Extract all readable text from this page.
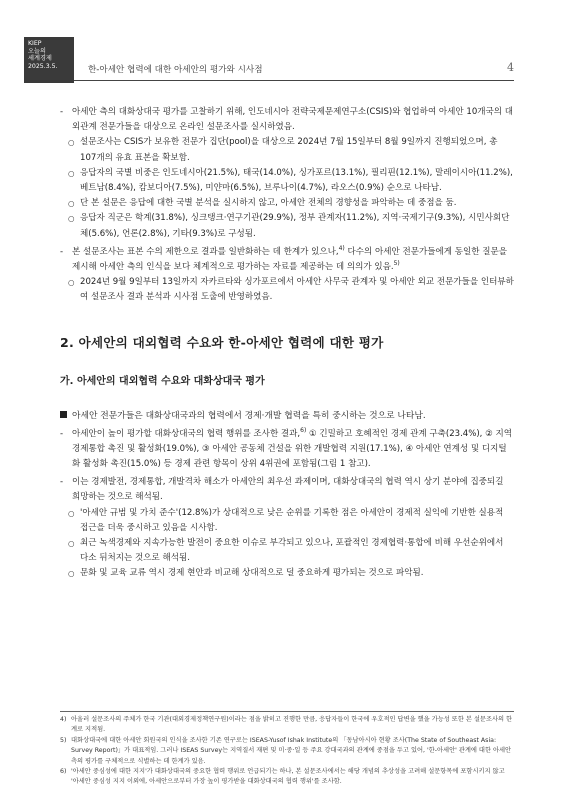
KIEP
오늘의
세계경제
2025.3.5.	한-아세안 협력에 대한 아세안의 평가와 시사점	4
- 아세안 측의 대화상대국 평가를 고찰하기 위해, 인도네시아 전략국제문제연구소(CSIS)와 협업하여 아세안 10개국의 대외관계 전문가들을 대상으로 온라인 설문조사를 실시하였음.
○ 설문조사는 CSIS가 보유한 전문가 집단(pool)을 대상으로 2024년 7월 15일부터 8월 9일까지 진행되었으며, 총 107개의 유효 표본을 확보함.
○ 응답자의 국별 비중은 인도네시아(21.5%), 태국(14.0%), 싱가포르(13.1%), 필리핀(12.1%), 말레이시아(11.2%), 베트남(8.4%), 캄보디아(7.5%), 미얀마(6.5%), 브루나이(4.7%), 라오스(0.9%) 순으로 나타남.
○ 단 본 설문은 응답에 대한 국별 분석을 실시하지 않고, 아세안 전체의 경향성을 파악하는 데 중점을 둠.
○ 응답자 직군은 학계(31.8%), 싱크탱크·연구기관(29.9%), 정부 관계자(11.2%), 지역·국제기구(9.3%), 시민사회단체(5.6%), 언론(2.8%), 기타(9.3%)로 구성됨.
- 본 설문조사는 표본 수의 제한으로 결과를 일반화하는 데 한계가 있으나,$^{4)}$ 다수의 아세안 전문가들에게 동일한 질문을 제시해 아세안 측의 인식을 보다 체계적으로 평가하는 자료를 제공하는 데 의의가 있음.$^{5)}$
○ 2024년 9월 9일부터 13일까지 자카르타와 싱가포르에서 아세안 사무국 관계자 및 아세안 외교 전문가들을 인터뷰하여 설문조사 결과 분석과 시사점 도출에 반영하였음.
2. 아세안의 대외협력 수요와 한-아세안 협력에 대한 평가
가. 아세안의 대외협력 수요와 대화상대국 평가
아세안 전문가들은 대화상대국과의 협력에서 경제·개발 협력을 특히 중시하는 것으로 나타남.
- 아세안이 높이 평가할 대화상대국의 협력 행위를 조사한 결과,$^{6)}$ ① 긴밀하고 호혜적인 경제 관계 구축(23.4%), ② 지역 경제통합 촉진 및 활성화(19.0%), ③ 아세안 공동체 건설을 위한 개발협력 지원(17.1%), ④ 아세안 연계성 및 디지털화 활성화 촉진(15.0%) 등 경제 관련 항목이 상위 4위권에 포함됨(그림 1 참고).
- 이는 경제발전, 경제통합, 개발격차 해소가 아세안의 최우선 과제이며, 대화상대국의 협력 역시 상기 분야에 집중되길 희망하는 것으로 해석됨.
○ '아세안 규범 및 가치 준수'(12.8%)가 상대적으로 낮은 순위를 기록한 점은 아세안이 경제적 실익에 기반한 실용적 접근을 더욱 중시하고 있음을 시사함.
○ 최근 녹색경제와 지속가능한 발전이 중요한 이슈로 부각되고 있으나, 포괄적인 경제협력·통합에 비해 우선순위에서 다소 뒤처지는 것으로 해석됨.
○ 문화 및 교육 교류 역시 경제 현안과 비교해 상대적으로 덜 중요하게 평가되는 것으로 파악됨.
4) 아울러 설문조사의 주체가 한국 기관(대외경제정책연구원)이라는 점을 밝히고 진행한 만큼, 응답자들이 한국에 우호적인 답변을 했을 가능성 또한 본 설문조사의 한계로 지적됨.
5) 대화상대국에 대한 아세안 회원국의 인식을 조사한 기존 연구로는 ISEAS-Yusof Ishak Institute의 「동남아시아 현황 조사(The State of Southeast Asia: Survey Report)」가 대표적임. 그러나 ISEAS Survey는 지역질서 재편 및 미·중·일 등 주요 강대국과의 관계에 중점을 두고 있어, '한-아세안' 관계에 대한 아세안 측의 평가를 구체적으로 식별하는 데 한계가 있음.
6) '아세안 중심성에 대한 지지'가 대화상대국의 중요한 협력 행위로 언급되기는 하나, 본 설문조사에서는 해당 개념의 추상성을 고려해 설문항목에 포함시키지 않고 '아세안 중심성 지지 이외에, 아세안으로부터 가장 높이 평가받을 대화상대국의 협력 행위'를 조사함.
